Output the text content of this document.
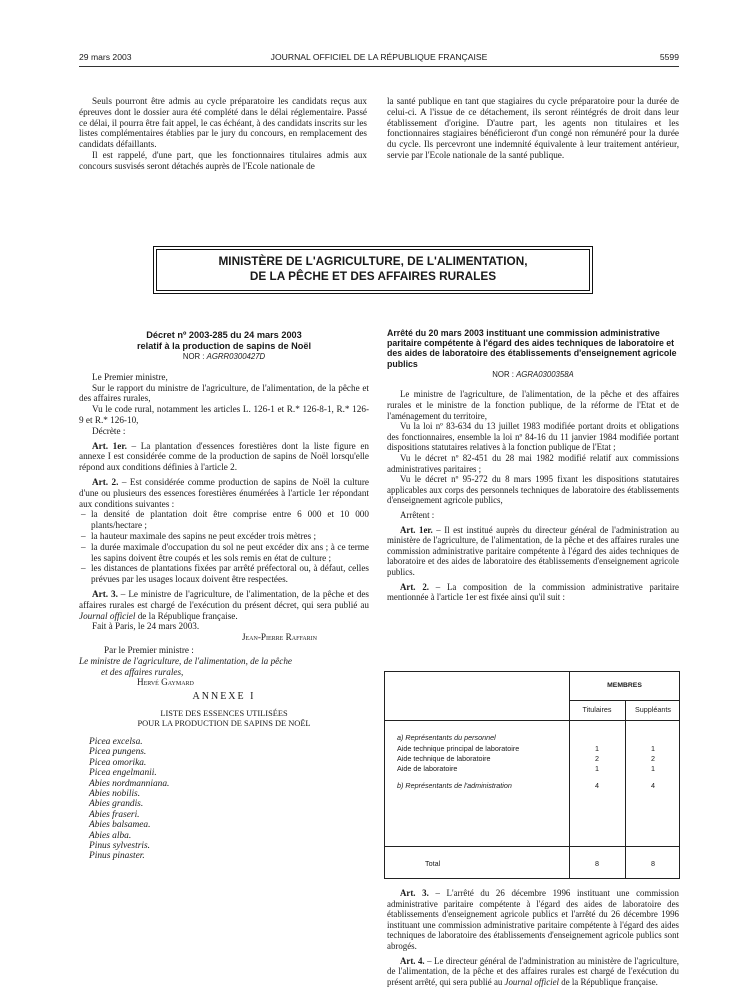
29 mars 2003	JOURNAL OFFICIEL DE LA RÉPUBLIQUE FRANÇAISE	5599

Seuls pourront être admis au cycle préparatoire les candidats reçus aux épreuves dont le dossier aura été complété dans le délai réglementaire. Passé ce délai, il pourra être fait appel, le cas échéant, à des candidats inscrits sur les listes complémentaires établies par le jury du concours, en remplacement des candidats défaillants.

Il est rappelé, d'une part, que les fonctionnaires titulaires admis aux concours susvisés seront détachés auprès de l'Ecole nationale de

la santé publique en tant que stagiaires du cycle préparatoire pour la durée de celui-ci. A l'issue de ce détachement, ils seront réintégrés de droit dans leur établissement d'origine. D'autre part, les agents non titulaires et les fonctionnaires stagiaires bénéficieront d'un congé non rémunéré pour la durée du cycle. Ils percevront une indemnité équivalente à leur traitement antérieur, servie par l'Ecole nationale de la santé publique.

MINISTÈRE DE L'AGRICULTURE, DE L'ALIMENTATION,
DE LA PÊCHE ET DES AFFAIRES RURALES
Décret nº 2003-285 du 24 mars 2003
relatif à la production de sapins de Noël
NOR : AGRR0300427D

Le Premier ministre,

Sur le rapport du ministre de l'agriculture, de l'alimentation, de la pêche et des affaires rurales,

Vu le code rural, notamment les articles L. 126-1 et R.* 126-8-1, R.* 126-9 et R.* 126-10,

Décrète :

Art. 1er. – La plantation d'essences forestières dont la liste figure en annexe I est considérée comme de la production de sapins de Noël lorsqu'elle répond aux conditions définies à l'article 2.

Art. 2. – Est considérée comme production de sapins de Noël la culture d'une ou plusieurs des essences forestières énumérées à l'article 1er répondant aux conditions suivantes :

– la densité de plantation doit être comprise entre 6 000 et 10 000 plants/hectare ;
– la hauteur maximale des sapins ne peut excéder trois mètres ;
– la durée maximale d'occupation du sol ne peut excéder dix ans ; à ce terme les sapins doivent être coupés et les sols remis en état de culture ;
– les distances de plantations fixées par arrêté préfectoral ou, à défaut, celles prévues par les usages locaux doivent être respectées.

Art. 3. – Le ministre de l'agriculture, de l'alimentation, de la pêche et des affaires rurales est chargé de l'exécution du présent décret, qui sera publié au Journal officiel de la République française.

Fait à Paris, le 24 mars 2003.

Jean-Pierre Raffarin

Par le Premier ministre :

Le ministre de l'agriculture, de l'alimentation, de la pêche et des affaires rurales,

Hervé Gaymard

ANNEXE I
LISTE DES ESSENCES UTILISÉES
POUR LA PRODUCTION DE SAPINS DE NOËL

Picea excelsa.

Picea pungens.

Picea omorika.

Picea engelmanii.

Abies nordmanniana.

Abies nobilis.

Abies grandis.

Abies fraseri.

Abies balsamea.

Abies alba.

Pinus sylvestris.

Pinus pinaster.

Arrêté du 20 mars 2003 instituant une commission administrative paritaire compétente à l'égard des aides techniques de laboratoire et des aides de laboratoire des établissements d'enseignement agricole publics
NOR : AGRA0300358A

Le ministre de l'agriculture, de l'alimentation, de la pêche et des affaires rurales et le ministre de la fonction publique, de la réforme de l'Etat et de l'aménagement du territoire,

Vu la loi nº 83-634 du 13 juillet 1983 modifiée portant droits et obligations des fonctionnaires, ensemble la loi nº 84-16 du 11 janvier 1984 modifiée portant dispositions statutaires relatives à la fonction publique de l'Etat ;

Vu le décret nº 82-451 du 28 mai 1982 modifié relatif aux commissions administratives paritaires ;

Vu le décret nº 95-272 du 8 mars 1995 fixant les dispositions statutaires applicables aux corps des personnels techniques de laboratoire des établissements d'enseignement agricole publics,

Arrêtent :

Art. 1er. – Il est institué auprès du directeur général de l'administration au ministère de l'agriculture, de l'alimentation, de la pêche et des affaires rurales une commission administrative paritaire compétente à l'égard des aides techniques de laboratoire et des aides de laboratoire des établissements d'enseignement agricole publics.

Art. 2. – La composition de la commission administrative paritaire mentionnée à l'article 1er est fixée ainsi qu'il suit :

MEMBRES
Titulaires	Suppléants
a) Représentants du personnel
Aide technique principal de laboratoire	1	1
Aide technique de laboratoire	2	2
Aide de laboratoire	1	1
b) Représentants de l'administration	4	4
Total	8	8

Art. 3. – L'arrêté du 26 décembre 1996 instituant une commission administrative paritaire compétente à l'égard des aides de laboratoire des établissements d'enseignement agricole publics et l'arrêté du 26 décembre 1996 instituant une commission administrative paritaire compétente à l'égard des aides techniques de laboratoire des établissements d'enseignement agricole publics sont abrogés.

Art. 4. – Le directeur général de l'administration au ministère de l'agriculture, de l'alimentation, de la pêche et des affaires rurales est chargé de l'exécution du présent arrêté, qui sera publié au Journal officiel de la République française.
